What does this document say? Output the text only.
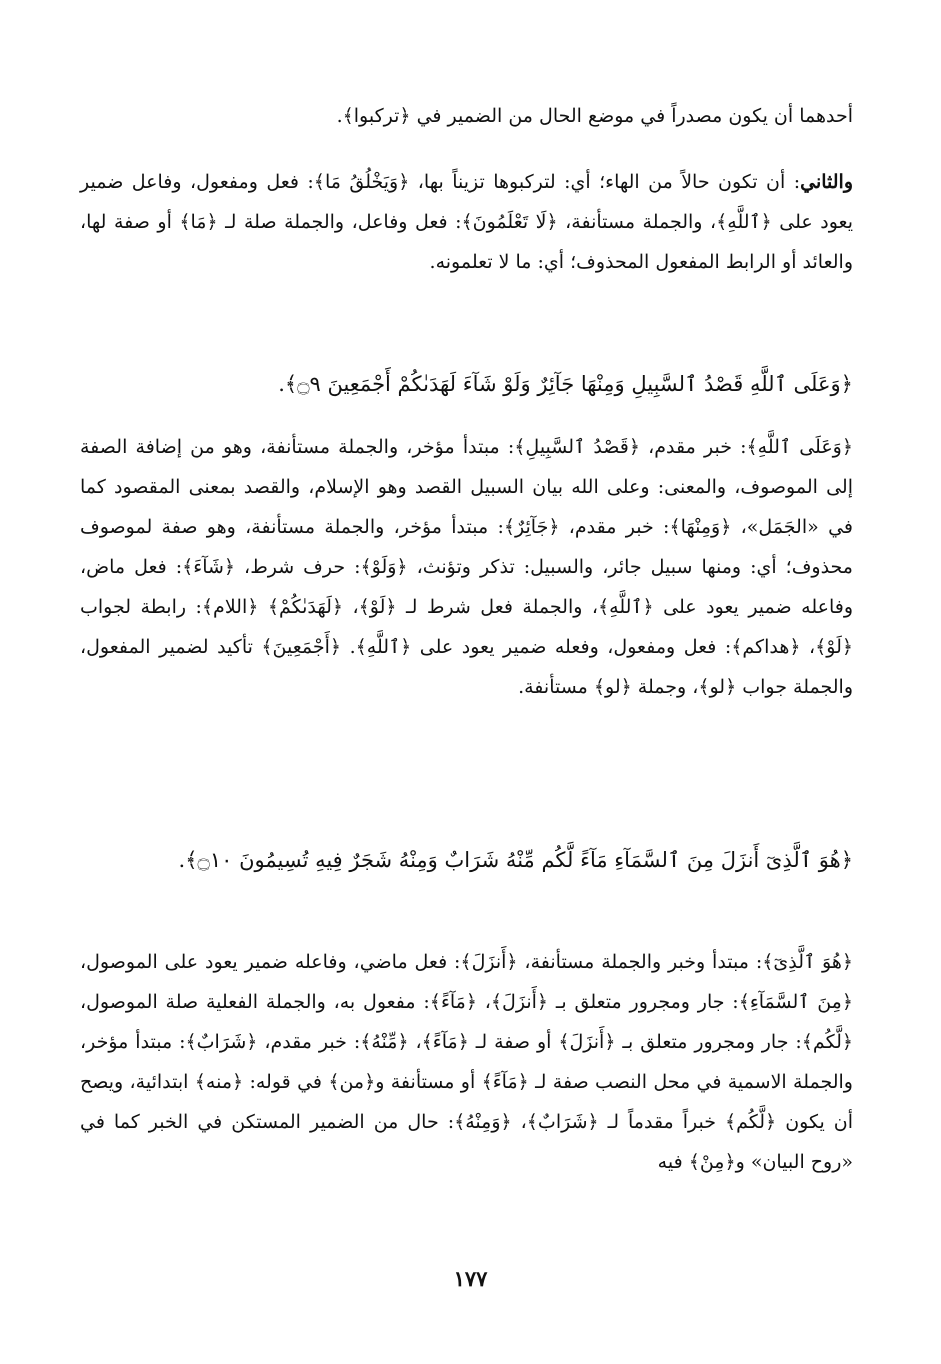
أحدهما أن يكون مصدراً في موضع الحال من الضمير في ﴿تركبوا﴾.
والثاني: أن تكون حالاً من الهاء؛ أي: لتركبوها تزيناً بها، ﴿وَيَخْلُقُ مَا﴾: فعل ومفعول، وفاعل ضمير يعود على ﴿ٱللَّهِ﴾، والجملة مستأنفة، ﴿لَا تَعْلَمُونَ﴾: فعل وفاعل، والجملة صلة لـ ﴿مَا﴾ أو صفة لها، والعائد أو الرابط المفعول المحذوف؛ أي: ما لا تعلمونه.
﴿وَعَلَى ٱللَّهِ قَصْدُ ٱلسَّبِيلِ وَمِنْهَا جَآئِرٌ وَلَوْ شَآءَ لَهَدَىٰكُمْ أَجْمَعِينَ ۝٩﴾.
﴿وَعَلَى ٱللَّهِ﴾: خبر مقدم، ﴿قَصْدُ ٱلسَّبِيلِ﴾: مبتدأ مؤخر، والجملة مستأنفة، وهو من إضافة الصفة إلى الموصوف، والمعنى: وعلى الله بيان السبيل القصد وهو الإسلام، والقصد بمعنى المقصود كما في «الجَمَل»، ﴿وَمِنْهَا﴾: خبر مقدم، ﴿جَآئِرٌ﴾: مبتدأ مؤخر، والجملة مستأنفة، وهو صفة لموصوف محذوف؛ أي: ومنها سبيل جائر، والسبيل: تذكر وتؤنث، ﴿وَلَوْ﴾: حرف شرط، ﴿شَآءَ﴾: فعل ماض، وفاعله ضمير يعود على ﴿ٱللَّهِ﴾، والجملة فعل شرط لـ ﴿لَوْ﴾، ﴿لَهَدَىٰكُمْ﴾ ﴿اللام﴾: رابطة لجواب ﴿لَوْ﴾، ﴿هداكم﴾: فعل ومفعول، وفعله ضمير يعود على ﴿ٱللَّهِ﴾. ﴿أَجْمَعِينَ﴾ تأكيد لضمير المفعول، والجملة جواب ﴿لو﴾، وجملة ﴿لو﴾ مستأنفة.
﴿هُوَ ٱلَّذِىٓ أَنزَلَ مِنَ ٱلسَّمَآءِ مَآءً لَّكُم مِّنْهُ شَرَابٌ وَمِنْهُ شَجَرٌ فِيهِ تُسِيمُونَ ۝١٠﴾.
﴿هُوَ ٱلَّذِىٓ﴾: مبتدأ وخبر والجملة مستأنفة، ﴿أَنزَلَ﴾: فعل ماضي، وفاعله ضمير يعود على الموصول، ﴿مِنَ ٱلسَّمَآءِ﴾: جار ومجرور متعلق بـ ﴿أَنزَلَ﴾، ﴿مَآءً﴾: مفعول به، والجملة الفعلية صلة الموصول، ﴿لَّكُم﴾: جار ومجرور متعلق بـ ﴿أَنزَلَ﴾ أو صفة لـ ﴿مَآءً﴾، ﴿مِّنْهُ﴾: خبر مقدم، ﴿شَرَابٌ﴾: مبتدأ مؤخر، والجملة الاسمية في محل النصب صفة لـ ﴿مَآءً﴾ أو مستأنفة و﴿من﴾ في قوله: ﴿منه﴾ ابتدائية، ويصح أن يكون ﴿لَّكُم﴾ خبراً مقدماً لـ ﴿شَرَابٌ﴾، ﴿وَمِنْهُ﴾: حال من الضمير المستكن في الخبر كما في «روح البيان» و﴿مِنْ﴾ فيه
١٧٧
